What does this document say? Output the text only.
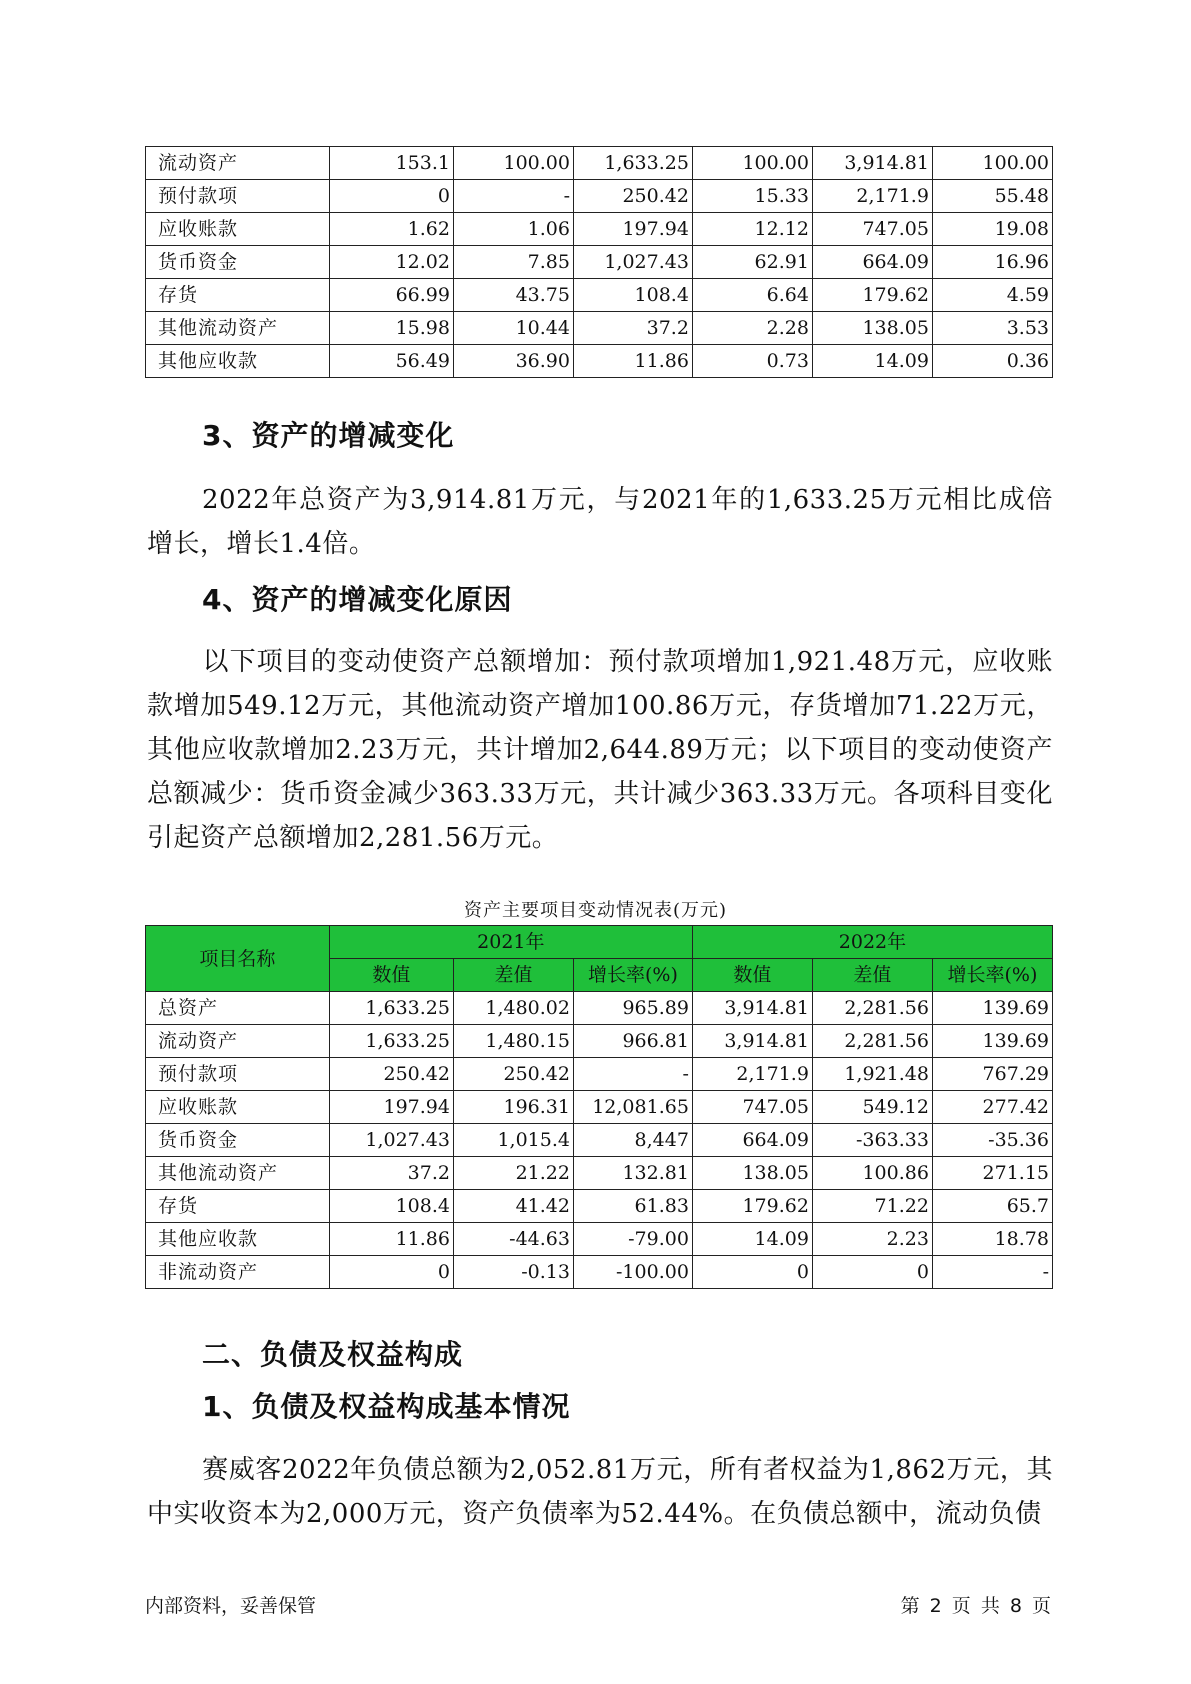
流动资产	153.1	100.00	1,633.25	100.00	3,914.81	100.00
预付款项	0	-	250.42	15.33	2,171.9	55.48
应收账款	1.62	1.06	197.94	12.12	747.05	19.08
货币资金	12.02	7.85	1,027.43	62.91	664.09	16.96
存货	66.99	43.75	108.4	6.64	179.62	4.59
其他流动资产	15.98	10.44	37.2	2.28	138.05	3.53
其他应收款	56.49	36.90	11.86	0.73	14.09	0.36
3、资产的增减变化
2022年总资产为3,914.81万元，与2021年的1,633.25万元相比成倍增长，增长1.4倍。
4、资产的增减变化原因
以下项目的变动使资产总额增加：预付款项增加1,921.48万元，应收账款增加549.12万元，其他流动资产增加100.86万元，存货增加71.22万元，其他应收款增加2.23万元，共计增加2,644.89万元；以下项目的变动使资产总额减少：货币资金减少363.33万元，共计减少363.33万元。各项科目变化引起资产总额增加2,281.56万元。
资产主要项目变动情况表(万元)
项目名称	2021年			2022年		
	数值	差值	增长率(%)	数值	差值	增长率(%)
总资产	1,633.25	1,480.02	965.89	3,914.81	2,281.56	139.69
流动资产	1,633.25	1,480.15	966.81	3,914.81	2,281.56	139.69
预付款项	250.42	250.42	-	2,171.9	1,921.48	767.29
应收账款	197.94	196.31	12,081.65	747.05	549.12	277.42
货币资金	1,027.43	1,015.4	8,447	664.09	-363.33	-35.36
其他流动资产	37.2	21.22	132.81	138.05	100.86	271.15
存货	108.4	41.42	61.83	179.62	71.22	65.7
其他应收款	11.86	-44.63	-79.00	14.09	2.23	18.78
非流动资产	0	-0.13	-100.00	0	0	-
二、负债及权益构成
1、负债及权益构成基本情况
赛威客2022年负债总额为2,052.81万元，所有者权益为1,862万元，其中实收资本为2,000万元，资产负债率为52.44%。在负债总额中，流动负债
内部资料，妥善保管	第 2 页 共 8 页
